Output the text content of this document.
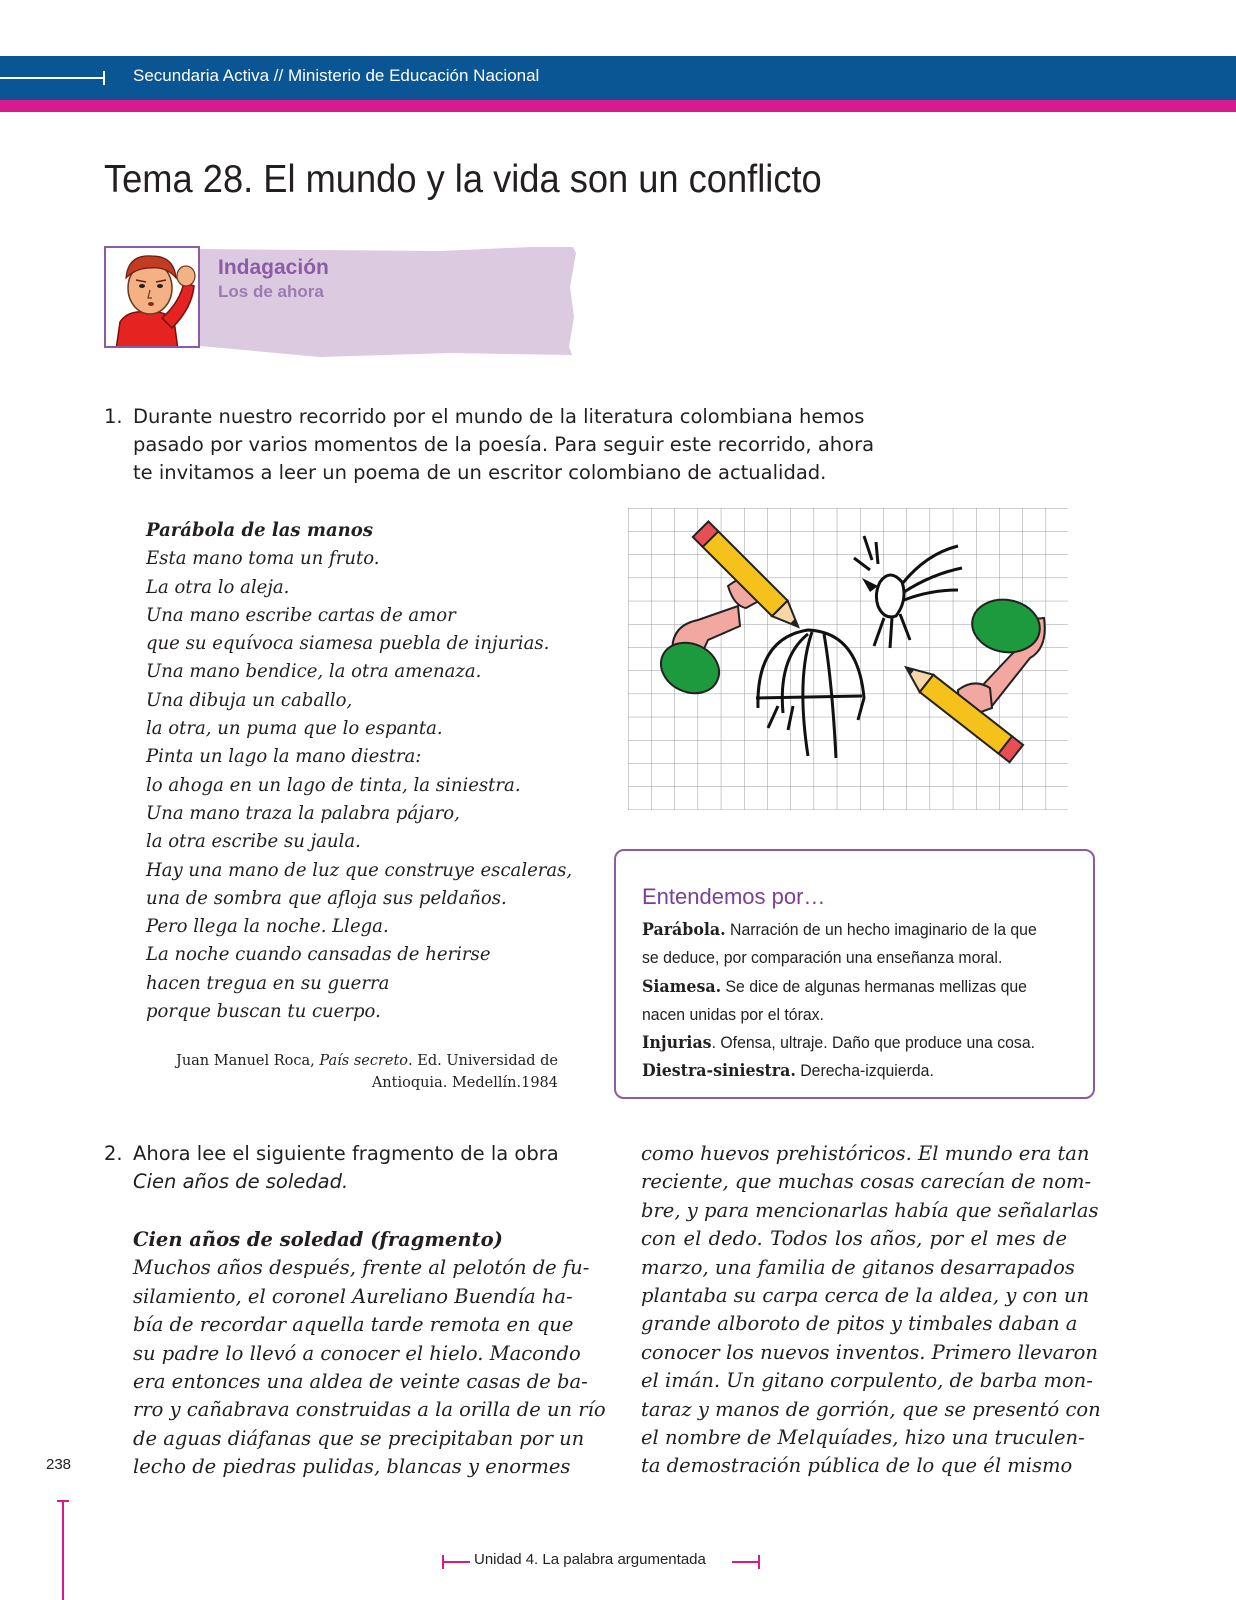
Secundaria Activa // Ministerio de Educación Nacional
Tema 28. El mundo y la vida son un conflicto
Indagación
Los de ahora
1. Durante nuestro recorrido por el mundo de la literatura colombiana hemos
pasado por varios momentos de la poesía. Para seguir este recorrido, ahora
te invitamos a leer un poema de un escritor colombiano de actualidad.
Parábola de las manos
Esta mano toma un fruto.
La otra lo aleja.
Una mano escribe cartas de amor
que su equívoca siamesa puebla de injurias.
Una mano bendice, la otra amenaza.
Una dibuja un caballo,
la otra, un puma que lo espanta.
Pinta un lago la mano diestra:
lo ahoga en un lago de tinta, la siniestra.
Una mano traza la palabra pájaro,
la otra escribe su jaula.
Hay una mano de luz que construye escaleras,
una de sombra que afloja sus peldaños.
Pero llega la noche. Llega.
La noche cuando cansadas de herirse
hacen tregua en su guerra
porque buscan tu cuerpo.
Juan Manuel Roca, País secreto. Ed. Universidad de
Antioquia. Medellín.1984
Entendemos por…
Parábola. Narración de un hecho imaginario de la que
se deduce, por comparación una enseñanza moral.
Siamesa. Se dice de algunas hermanas mellizas que
nacen unidas por el tórax.
Injurias. Ofensa, ultraje. Daño que produce una cosa.
Diestra-siniestra. Derecha-izquierda.
2. Ahora lee el siguiente fragmento de la obra
Cien años de soledad.
Cien años de soledad (fragmento)
Muchos años después, frente al pelotón de fu-
silamiento, el coronel Aureliano Buendía ha-
bía de recordar aquella tarde remota en que
su padre lo llevó a conocer el hielo. Macondo
era entonces una aldea de veinte casas de ba-
rro y cañabrava construidas a la orilla de un río
de aguas diáfanas que se precipitaban por un
lecho de piedras pulidas, blancas y enormes
como huevos prehistóricos. El mundo era tan
reciente, que muchas cosas carecían de nom-
bre, y para mencionarlas había que señalarlas
con el dedo. Todos los años, por el mes de
marzo, una familia de gitanos desarrapados
plantaba su carpa cerca de la aldea, y con un
grande alboroto de pitos y timbales daban a
conocer los nuevos inventos. Primero llevaron
el imán. Un gitano corpulento, de barba mon-
taraz y manos de gorrión, que se presentó con
el nombre de Melquíades, hizo una truculen-
ta demostración pública de lo que él mismo
238
Unidad 4. La palabra argumentada
